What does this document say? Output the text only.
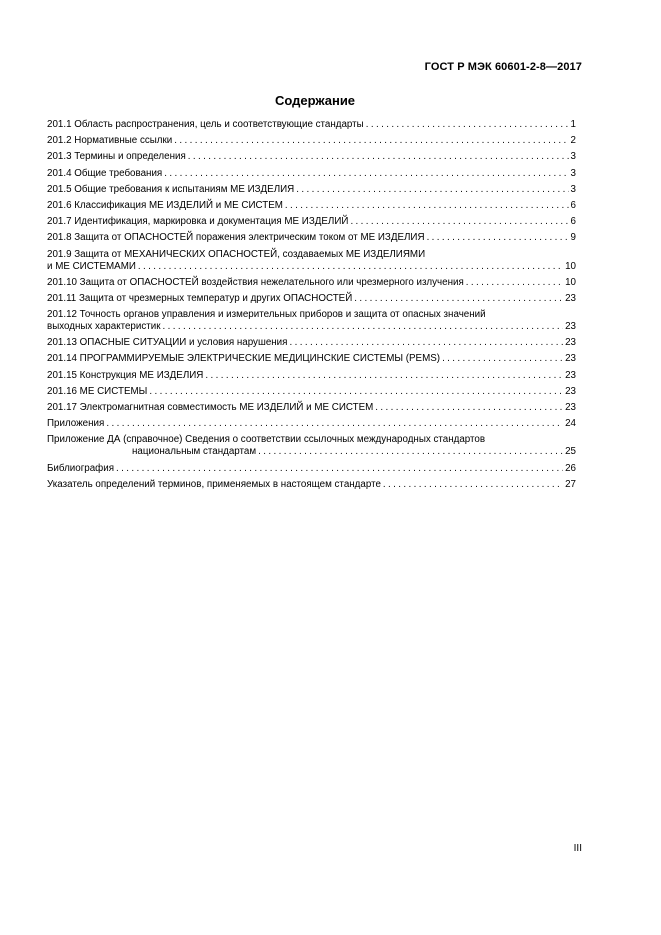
ГОСТ Р МЭК 60601-2-8—2017
Содержание
201.1 Область распространения, цель и соответствующие стандарты .....	1
201.2 Нормативные ссылки .....	2
201.3 Термины и определения .....	3
201.4 Общие требования .....	3
201.5 Общие требования к испытаниям МЕ ИЗДЕЛИЯ .....	3
201.6 Классификация МЕ ИЗДЕЛИЙ и МЕ СИСТЕМ .....	6
201.7 Идентификация, маркировка и документация МЕ ИЗДЕЛИЙ .....	6
201.8 Защита от ОПАСНОСТЕЙ поражения электрическим током от МЕ ИЗДЕЛИЯ .....	9
201.9 Защита от МЕХАНИЧЕСКИХ ОПАСНОСТЕЙ, создаваемых МЕ ИЗДЕЛИЯМИ
и МЕ СИСТЕМАМИ .....	10
201.10 Защита от ОПАСНОСТЕЙ воздействия нежелательного или чрезмерного излучения .....	10
201.11 Защита от чрезмерных температур и других ОПАСНОСТЕЙ .....	23
201.12 Точность органов управления и измерительных приборов и защита от опасных значений
выходных характеристик .....	23
201.13 ОПАСНЫЕ СИТУАЦИИ и условия нарушения .....	23
201.14 ПРОГРАММИРУЕМЫЕ ЭЛЕКТРИЧЕСКИЕ МЕДИЦИНСКИЕ СИСТЕМЫ (PEMS) .....	23
201.15 Конструкция МЕ ИЗДЕЛИЯ .....	23
201.16 МЕ СИСТЕМЫ .....	23
201.17 Электромагнитная совместимость МЕ ИЗДЕЛИЙ и МЕ СИСТЕМ .....	23
Приложения .....	24
Приложение ДА (справочное) Сведения о соответствии ссылочных международных стандартов
национальным стандартам .....	25
Библиография .....	26
Указатель определений терминов, применяемых в настоящем стандарте .....	27
III
